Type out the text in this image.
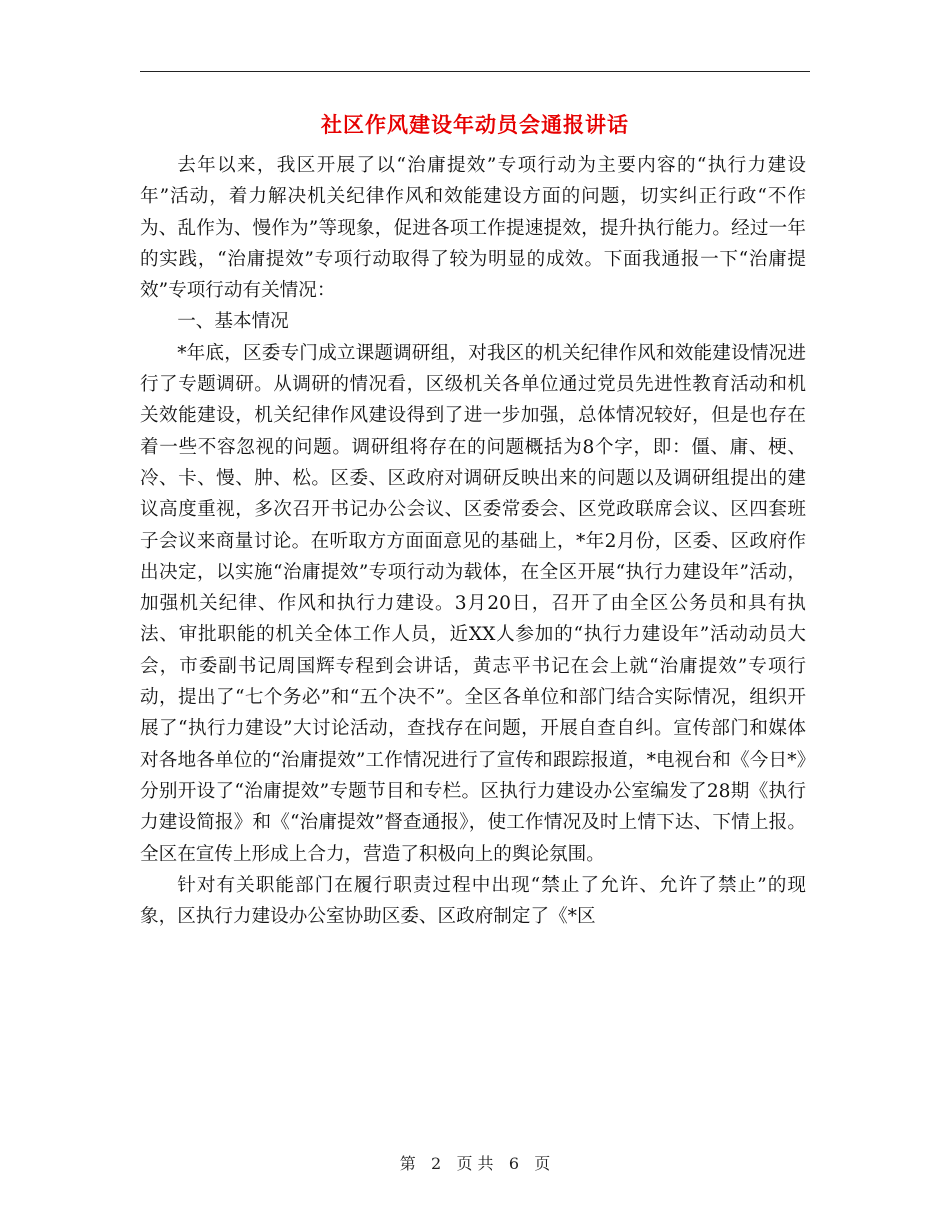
社区作风建设年动员会通报讲话

去年以来，我区开展了以“治庸提效”专项行动为主要内容的“执行力建设年”活动，着力解决机关纪律作风和效能建设方面的问题，切实纠正行政“不作为、乱作为、慢作为”等现象，促进各项工作提速提效，提升执行能力。经过一年的实践，“治庸提效”专项行动取得了较为明显的成效。下面我通报一下“治庸提效”专项行动有关情况：

一、基本情况

*年底，区委专门成立课题调研组，对我区的机关纪律作风和效能建设情况进行了专题调研。从调研的情况看，区级机关各单位通过党员先进性教育活动和机关效能建设，机关纪律作风建设得到了进一步加强，总体情况较好，但是也存在着一些不容忽视的问题。调研组将存在的问题概括为8个字，即：僵、庸、梗、冷、卡、慢、肿、松。区委、区政府对调研反映出来的问题以及调研组提出的建议高度重视，多次召开书记办公会议、区委常委会、区党政联席会议、区四套班子会议来商量讨论。在听取方方面面意见的基础上，*年2月份，区委、区政府作出决定，以实施“治庸提效”专项行动为载体，在全区开展“执行力建设年”活动，加强机关纪律、作风和执行力建设。3月20日，召开了由全区公务员和具有执法、审批职能的机关全体工作人员，近XX人参加的“执行力建设年”活动动员大会，市委副书记周国辉专程到会讲话，黄志平书记在会上就“治庸提效”专项行动，提出了“七个务必”和“五个决不”。全区各单位和部门结合实际情况，组织开展了“执行力建设”大讨论活动，查找存在问题，开展自查自纠。宣传部门和媒体对各地各单位的“治庸提效”工作情况进行了宣传和跟踪报道，*电视台和《今日*》分别开设了“治庸提效”专题节目和专栏。区执行力建设办公室编发了28期《执行力建设简报》和《“治庸提效”督查通报》，使工作情况及时上情下达、下情上报。全区在宣传上形成上合力，营造了积极向上的舆论氛围。

针对有关职能部门在履行职责过程中出现“禁止了允许、允许了禁止”的现象，区执行力建设办公室协助区委、区政府制定了《*区

第 2 页 共 6 页
